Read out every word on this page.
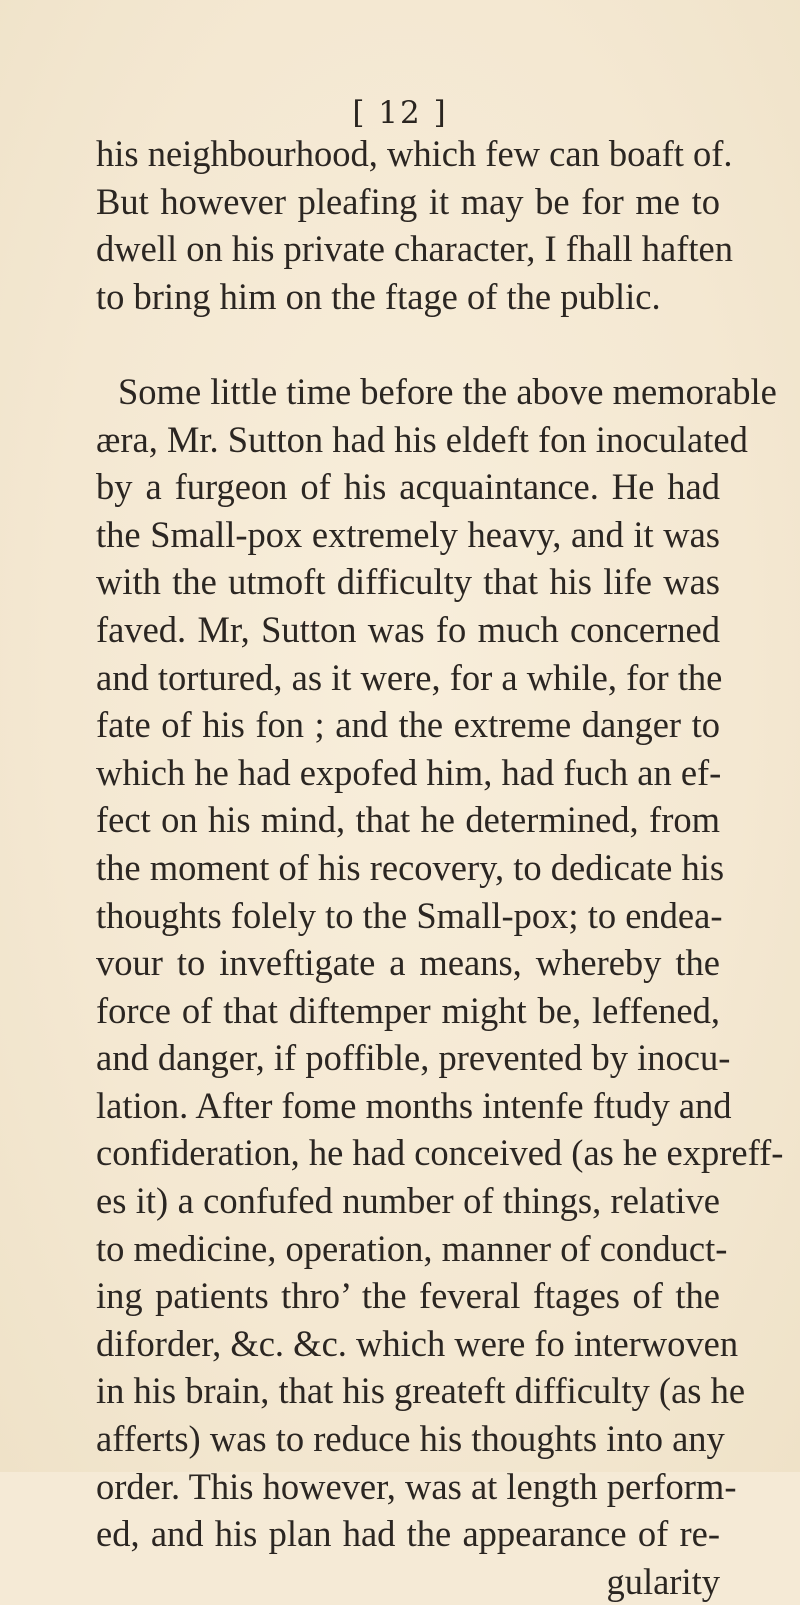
[ 12 ]
his neighbourhood, which few can boaft of.
But however pleafing it may be for me to
dwell on his private character, I fhall haften
to bring him on the ftage of the public.
Some little time before the above memorable
æra, Mr. Sutton had his eldeft fon inoculated
by a furgeon of his acquaintance. He had
the Small-pox extremely heavy, and it was
with the utmoft difficulty that his life was
faved. Mr, Sutton was fo much concerned
and tortured, as it were, for a while, for the
fate of his fon ; and the extreme danger to
which he had expofed him, had fuch an ef-
fect on his mind, that he determined, from
the moment of his recovery, to dedicate his
thoughts folely to the Small-pox; to endea-
vour to inveftigate a means, whereby the
force of that diftemper might be, leffened,
and danger, if poffible, prevented by inocu-
lation. After fome months intenfe ftudy and
confideration, he had conceived (as he expreff-
es it) a confufed number of things, relative
to medicine, operation, manner of conduct-
ing patients thro’ the feveral ftages of the
diforder, &c. &c. which were fo interwoven
in his brain, that his greateft difficulty (as he
afferts) was to reduce his thoughts into any
order. This however, was at length perform-
ed, and his plan had the appearance of re-
gularity
